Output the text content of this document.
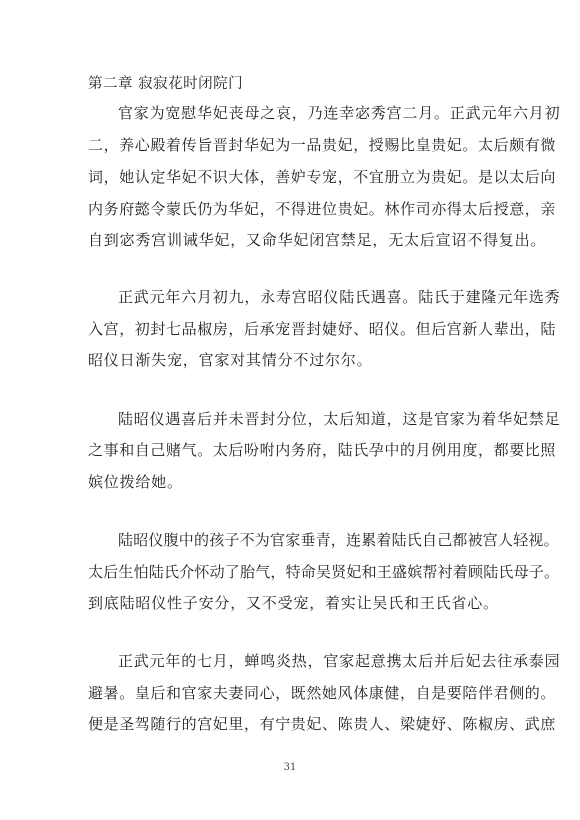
第二章 寂寂花时闭院门
官家为宽慰华妃丧母之哀，乃连幸宓秀宫二月。正武元年六月初
二，养心殿着传旨晋封华妃为一品贵妃，授赐比皇贵妃。太后颇有微
词，她认定华妃不识大体，善妒专宠，不宜册立为贵妃。是以太后向
内务府懿令蒙氏仍为华妃，不得进位贵妃。林作司亦得太后授意，亲
自到宓秀宫训诫华妃，又命华妃闭宫禁足，无太后宣诏不得复出。
正武元年六月初九，永寿宫昭仪陆氏遇喜。陆氏于建隆元年选秀
入宫，初封七品椒房，后承宠晋封婕妤、昭仪。但后宫新人辈出，陆
昭仪日渐失宠，官家对其情分不过尔尔。
陆昭仪遇喜后并未晋封分位，太后知道，这是官家为着华妃禁足
之事和自己赌气。太后吩咐内务府，陆氏孕中的月例用度，都要比照
嫔位拨给她。
陆昭仪腹中的孩子不为官家垂青，连累着陆氏自己都被宫人轻视。
太后生怕陆氏介怀动了胎气，特命吴贤妃和王盛嫔帮衬着顾陆氏母子。
到底陆昭仪性子安分，又不受宠，着实让吴氏和王氏省心。
正武元年的七月，蝉鸣炎热，官家起意携太后并后妃去往承泰园
避暑。皇后和官家夫妻同心，既然她风体康健，自是要陪伴君侧的。
便是圣驾随行的宫妃里，有宁贵妃、陈贵人、梁婕妤、陈椒房、武庶
31
